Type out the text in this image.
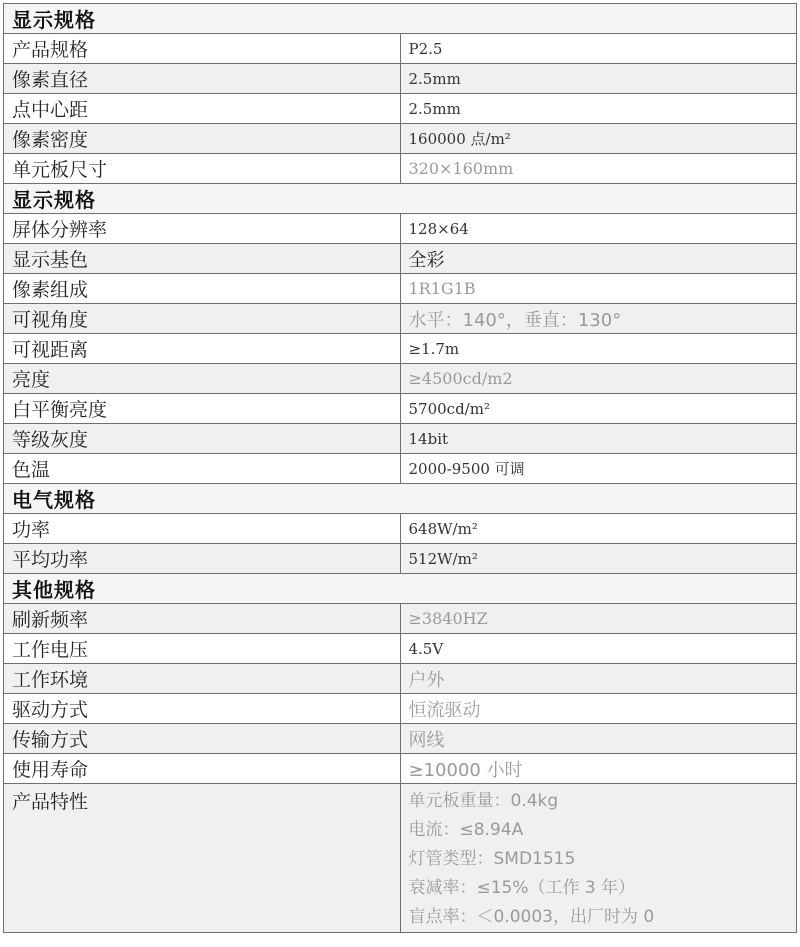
显示规格	
产品规格	P2.5
像素直径	2.5mm
点中心距	2.5mm
像素密度	160000 点/m²
单元板尺寸	320×160mm
显示规格	
屏体分辨率	128×64
显示基色	全彩
像素组成	1R1G1B
可视角度	水平：140°，垂直：130°
可视距离	≥1.7m
亮度	≥4500cd/m2
白平衡亮度	5700cd/m²
等级灰度	14bit
色温	2000-9500 可调
电气规格	
功率	648W/m²
平均功率	512W/m²
其他规格	
刷新频率	≥3840HZ
工作电压	4.5V
工作环境	户外
驱动方式	恒流驱动
传输方式	网线
使用寿命	≥10000 小时
产品特性	单元板重量：0.4kg
电流：≤8.94A
灯管类型：SMD1515
衰减率：≤15%（工作 3 年）
盲点率：＜0.0003，出厂时为 0
